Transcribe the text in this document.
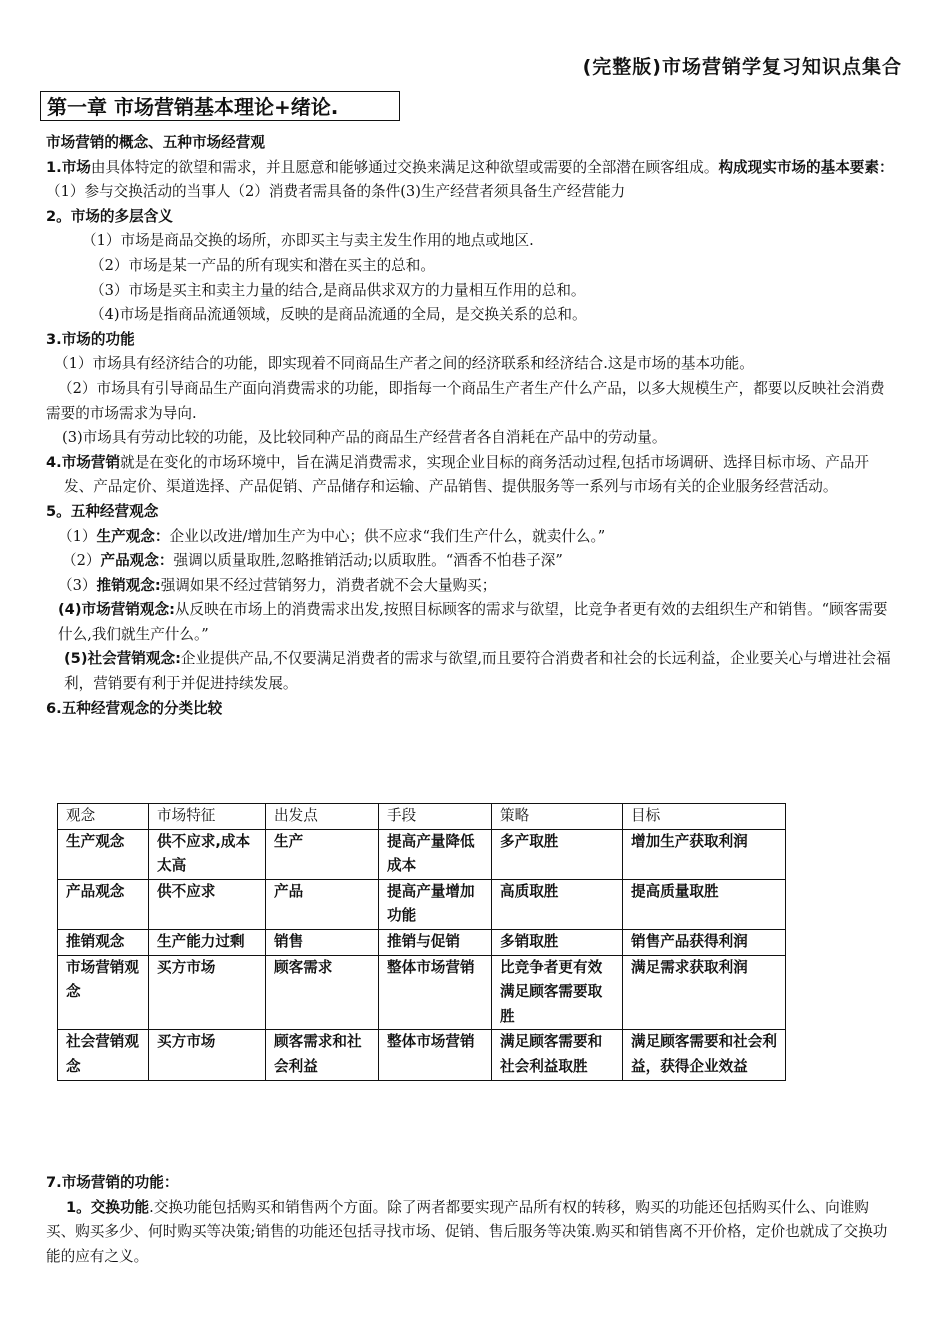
(完整版)市场营销学复习知识点集合
第一章 市场营销基本理论+绪论.

市场营销的概念、五种市场经营观

1.市场由具体特定的欲望和需求，并且愿意和能够通过交换来满足这种欲望或需要的全部潜在顾客组成。构成现实市场的基本要素：（1）参与交换活动的当事人（2）消费者需具备的条件(3)生产经营者须具备生产经营能力

2。市场的多层含义

（1）市场是商品交换的场所，亦即买主与卖主发生作用的地点或地区.

（2）市场是某一产品的所有现实和潜在买主的总和。

（3）市场是买主和卖主力量的结合,是商品供求双方的力量相互作用的总和。

（4)市场是指商品流通领域，反映的是商品流通的全局，是交换关系的总和。

3.市场的功能

（1）市场具有经济结合的功能，即实现着不同商品生产者之间的经济联系和经济结合.这是市场的基本功能。

（2）市场具有引导商品生产面向消费需求的功能，即指每一个商品生产者生产什么产品，以多大规模生产，都要以反映社会消费需要的市场需求为导向.

(3)市场具有劳动比较的功能，及比较同种产品的商品生产经营者各自消耗在产品中的劳动量。

4.市场营销就是在变化的市场环境中，旨在满足消费需求，实现企业目标的商务活动过程,包括市场调研、选择目标市场、产品开发、产品定价、渠道选择、产品促销、产品储存和运输、产品销售、提供服务等一系列与市场有关的企业服务经营活动。

5。五种经营观念

（1）生产观念：企业以改进/增加生产为中心；供不应求“我们生产什么，就卖什么。”

（2）产品观念：强调以质量取胜,忽略推销活动;以质取胜。“酒香不怕巷子深”

（3）推销观念:强调如果不经过营销努力，消费者就不会大量购买；

(4)市场营销观念:从反映在市场上的消费需求出发,按照目标顾客的需求与欲望，比竞争者更有效的去组织生产和销售。“顾客需要什么,我们就生产什么。”

(5)社会营销观念:企业提供产品,不仅要满足消费者的需求与欲望,而且要符合消费者和社会的长远利益，企业要关心与增进社会福利，营销要有利于并促进持续发展。

6.五种经营观念的分类比较

观念	市场特征	出发点	手段	策略	目标
生产观念	供不应求,成本太高	生产	提高产量降低成本	多产取胜	增加生产获取利润
产品观念	供不应求	产品	提高产量增加功能	高质取胜	提高质量取胜
推销观念	生产能力过剩	销售	推销与促销	多销取胜	销售产品获得利润
市场营销观念	买方市场	顾客需求	整体市场营销	比竞争者更有效满足顾客需要取胜	满足需求获取利润
社会营销观念	买方市场	顾客需求和社会利益	整体市场营销	满足顾客需要和社会利益取胜	满足顾客需要和社会利益，获得企业效益

7.市场营销的功能：

1。交换功能.交换功能包括购买和销售两个方面。除了两者都要实现产品所有权的转移，购买的功能还包括购买什么、向谁购买、购买多少、何时购买等决策;销售的功能还包括寻找市场、促销、售后服务等决策.购买和销售离不开价格，定价也就成了交换功能的应有之义。
